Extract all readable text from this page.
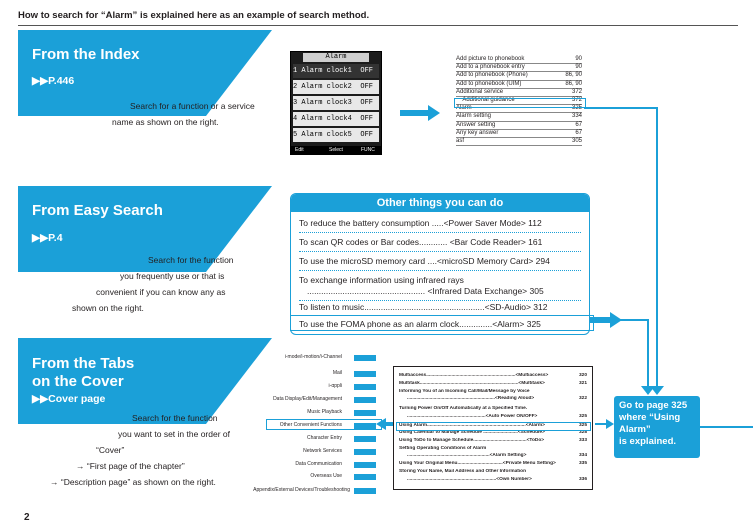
How to search for “Alarm” is explained here as an example of search method.
From the Index
▶▶P.446
Search for a function or a service
name as shown on the right.
Alarm
1 Alarm clock1 OFF
2 Alarm clock2 OFF
3 Alarm clock3 OFF
4 Alarm clock4 OFF
5 Alarm clock5 OFF
Edit	Select	FUNC
Add picture to phonebook	90
Add to a phonebook entry	90
Add to phonebook (Phone)	86, 90
Add to phonebook (UIM)	86, 90
Additional service	372
Additional guidance	372
Alarm	325
Alarm setting	334
Answer setting	67
Any key answer	67
asf	305
From Easy Search
▶▶P.4
Search for the function
you frequently use or that is
convenient if you can know any as
shown on the right.
Other things you can do
To reduce the battery consumption .....<Power Saver Mode> 112
To scan QR codes or Bar codes............ <Bar Code Reader> 161
To use the microSD memory card ....<microSD Memory Card> 294
To exchange information using infrared rays
.................................................. <Infrared Data Exchange> 305
To listen to music...................................................<SD-Audio> 312
To use the FOMA phone as an alarm clock..............<Alarm> 325
From the Tabs
on the Cover
▶▶Cover page
Search for the function
you want to set in the order of
“Cover”
→ “First page of the chapter”
→ “Description page” as shown on the right.
i-mode/i-motion/i-Channel
Mail
i-αppli
Data Display/Edit/Management
Music Playback
Other Convenient Functions
Character Entry
Network Services
Data Communication
Overseas Use
Appendix/External Devices/Troubleshooting
Multiaccess...................................................................<Multiaccess>	320
Multitask..........................................................................<Multitask>	321
Informing You of an Incoming Call/Mail/Message by Voice
..................................................................<Reading Aloud>	322
Turning Power On/Off Automatically at a Specified Time.
...........................................................<Auto Power ON/OFF>	325
Using Alarm..........................................................................<Alarm>	325
Using Calendar to Manage Schedule ..........................<Schedule>	328
Using ToDo to Manage Schedule........................................<ToDo>	333
Setting Operating Conditions of Alarm
..............................................................<Alarm Setting>	334
Using Your Original Menu..................................<Private Menu Setting>	335
Storing Your Name, Mail Address and Other Information
...................................................................<Own Number>	336
Go to page 325
where “Using
Alarm”
is explained.
2
